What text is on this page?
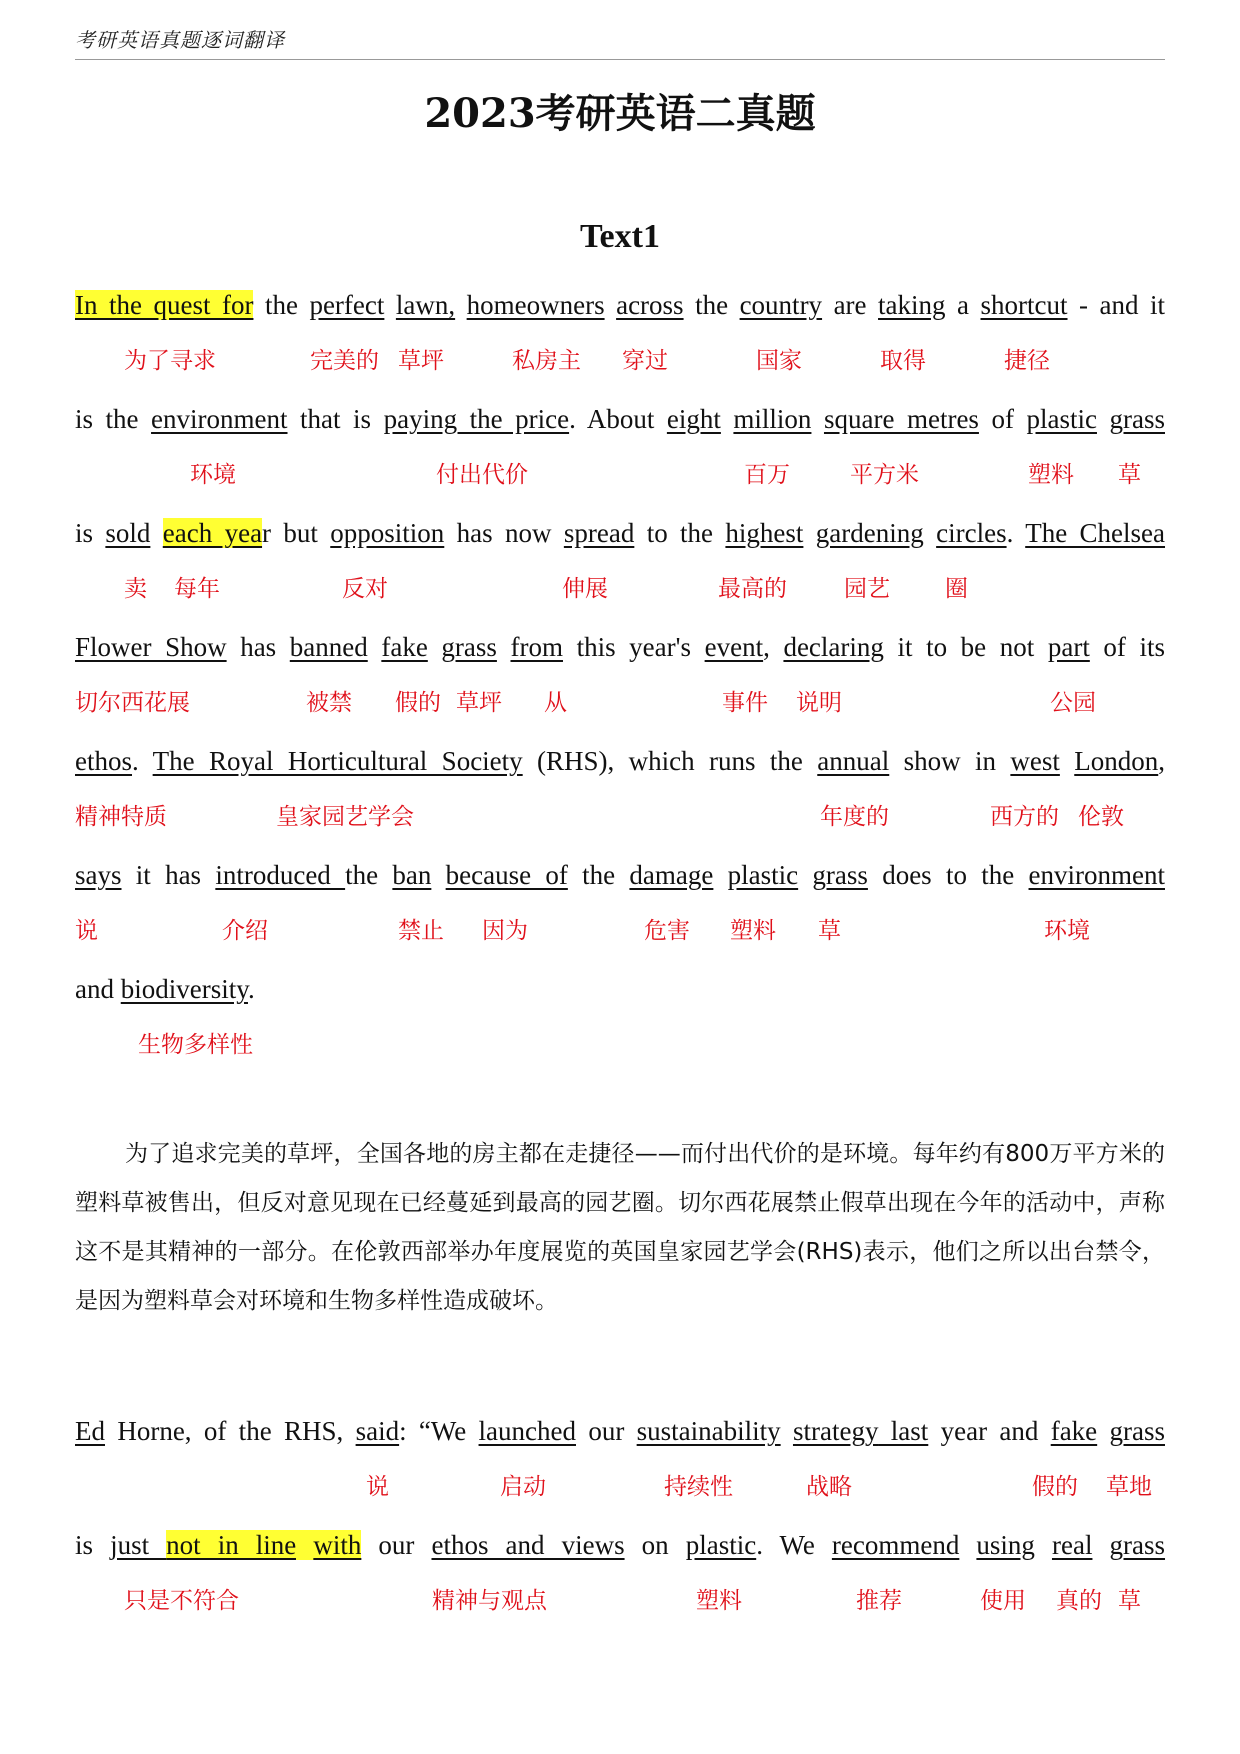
考研英语真题逐词翻译
2023考研英语二真题
Text1
In the quest for the perfect lawn, homeowners across the country are taking a shortcut - and it
为了寻求	完美的 草坪	私房主 穿过	国家	取得	捷径
is the environment that is paying the price. About eight million square metres of plastic grass
环境	付出代价	百万	平方米	塑料 草
is sold each year but opposition has now spread to the highest gardening circles. The Chelsea
卖 每年	反对	伸展	最高的 园艺 圈
Flower Show has banned fake grass from this year's event, declaring it to be not part of its
切尔西花展	被禁 假的 草坪 从	事件 说明	公园
ethos. The Royal Horticultural Society (RHS), which runs the annual show in west London,
精神特质	皇家园艺学会	年度的	西方的 伦敦
says it has introduced the ban because of the damage plastic grass does to the environment
说	介绍	禁止 因为	危害 塑料 草	环境
and biodiversity.
生物多样性
为了追求完美的草坪，全国各地的房主都在走捷径——而付出代价的是环境。每年约有800万平方米的塑料草被售出，但反对意见现在已经蔓延到最高的园艺圈。切尔西花展禁止假草出现在今年的活动中，声称这不是其精神的一部分。在伦敦西部举办年度展览的英国皇家园艺学会(RHS)表示，他们之所以出台禁令，是因为塑料草会对环境和生物多样性造成破坏。
Ed Horne, of the RHS, said: “We launched our sustainability strategy last year and fake grass
说	启动	持续性	战略	假的 草地
is just not in line with our ethos and views on plastic. We recommend using real grass
只是不符合	精神与观点	塑料	推荐	使用 真的 草
